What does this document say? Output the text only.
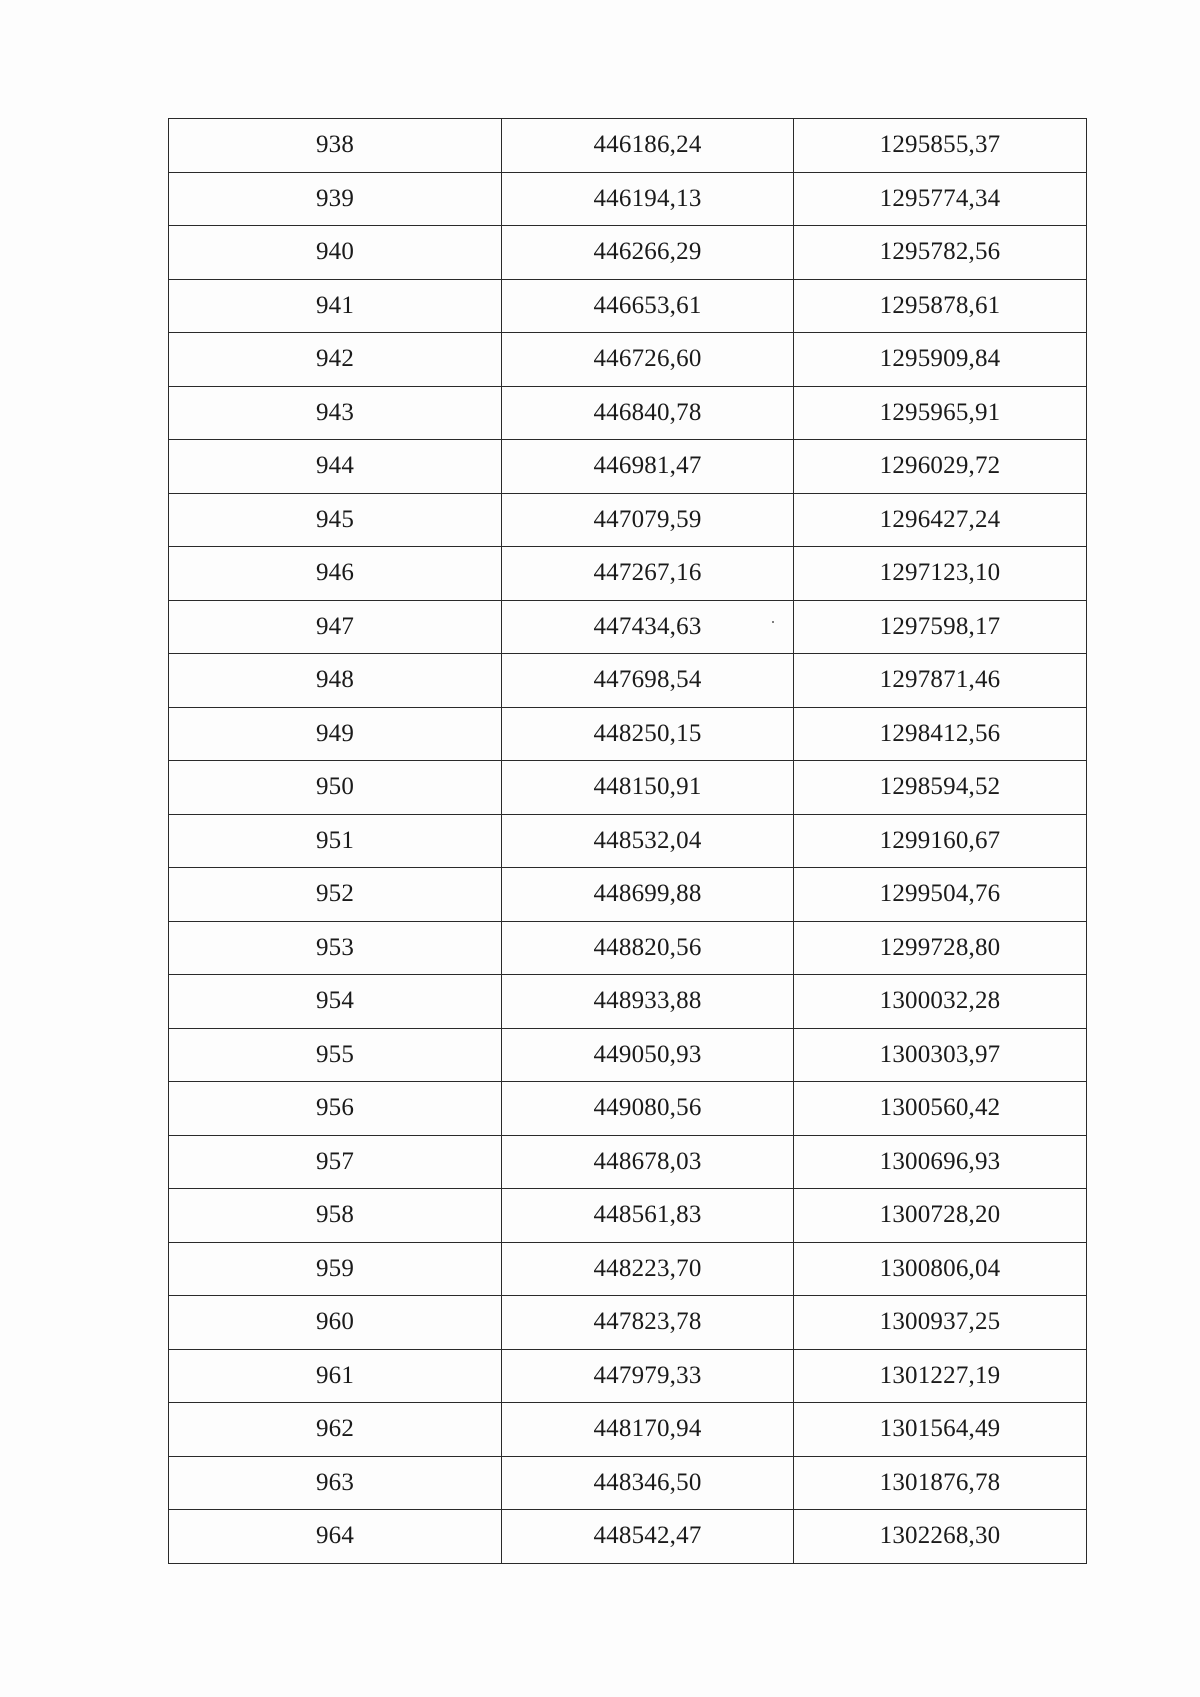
938	446186,24	1295855,37
939	446194,13	1295774,34
940	446266,29	1295782,56
941	446653,61	1295878,61
942	446726,60	1295909,84
943	446840,78	1295965,91
944	446981,47	1296029,72
945	447079,59	1296427,24
946	447267,16	1297123,10
947	447434,63	1297598,17
948	447698,54	1297871,46
949	448250,15	1298412,56
950	448150,91	1298594,52
951	448532,04	1299160,67
952	448699,88	1299504,76
953	448820,56	1299728,80
954	448933,88	1300032,28
955	449050,93	1300303,97
956	449080,56	1300560,42
957	448678,03	1300696,93
958	448561,83	1300728,20
959	448223,70	1300806,04
960	447823,78	1300937,25
961	447979,33	1301227,19
962	448170,94	1301564,49
963	448346,50	1301876,78
964	448542,47	1302268,30
